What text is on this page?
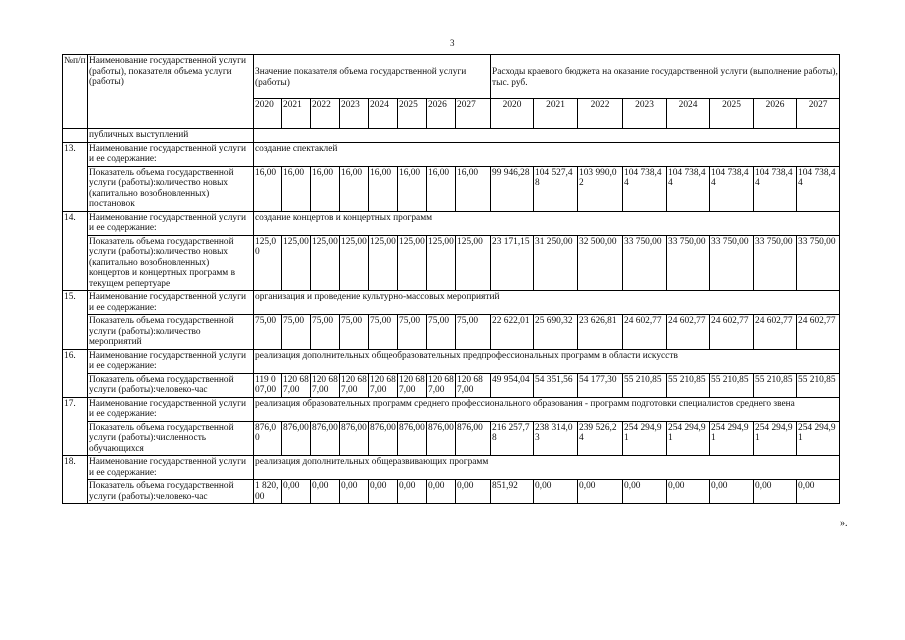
3
№п/п	Наименование государственной услуги (работы), показателя объема услуги (работы)	Значение показателя объема государственной услуги (работы)								Расходы краевого бюджета на оказание государственной услуги (выполнение работы), тыс. руб.							
		2020	2021	2022	2023	2024	2025	2026	2027	2020	2021	2022	2023	2024	2025	2026	2027
	публичных выступлений																
13.	Наименование государственной услуги и ее содержание:	создание спектаклей															
	Показатель объема государственной услуги (работы):количество новых (капитально возобновленных) постановок	16,00	16,00	16,00	16,00	16,00	16,00	16,00	16,00	99 946,28	104 527,48	103 990,02	104 738,44	104 738,44	104 738,44	104 738,44	104 738,44
14.	Наименование государственной услуги и ее содержание:	создание концертов и концертных программ															
	Показатель объема государственной услуги (работы):количество новых (капитально возобновленных) концертов и концертных программ в текущем репертуаре	125,00	125,00	125,00	125,00	125,00	125,00	125,00	125,00	23 171,15	31 250,00	32 500,00	33 750,00	33 750,00	33 750,00	33 750,00	33 750,00
15.	Наименование государственной услуги и ее содержание:	организация и проведение культурно-массовых мероприятий															
	Показатель объема государственной услуги (работы):количество мероприятий	75,00	75,00	75,00	75,00	75,00	75,00	75,00	75,00	22 622,01	25 690,32	23 626,81	24 602,77	24 602,77	24 602,77	24 602,77	24 602,77
16.	Наименование государственной услуги и ее содержание:	реализация дополнительных общеобразовательных предпрофессиональных программ в области искусств															
	Показатель объема государственной услуги (работы):человеко-час	119 007,00	120 687,00	120 687,00	120 687,00	120 687,00	120 687,00	120 687,00	120 687,00	49 954,04	54 351,56	54 177,30	55 210,85	55 210,85	55 210,85	55 210,85	55 210,85
17.	Наименование государственной услуги и ее содержание:	реализация образовательных программ среднего профессионального образования - программ подготовки специалистов среднего звена															
	Показатель объема государственной услуги (работы):численность обучающихся	876,00	876,00	876,00	876,00	876,00	876,00	876,00	876,00	216 257,78	238 314,03	239 526,24	254 294,91	254 294,91	254 294,91	254 294,91	254 294,91
18.	Наименование государственной услуги и ее содержание:	реализация дополнительных общеразвивающих программ															
	Показатель объема государственной услуги (работы):человеко-час	1 820,00	0,00	0,00	0,00	0,00	0,00	0,00	0,00	851,92	0,00	0,00	0,00	0,00	0,00	0,00	0,00
».
